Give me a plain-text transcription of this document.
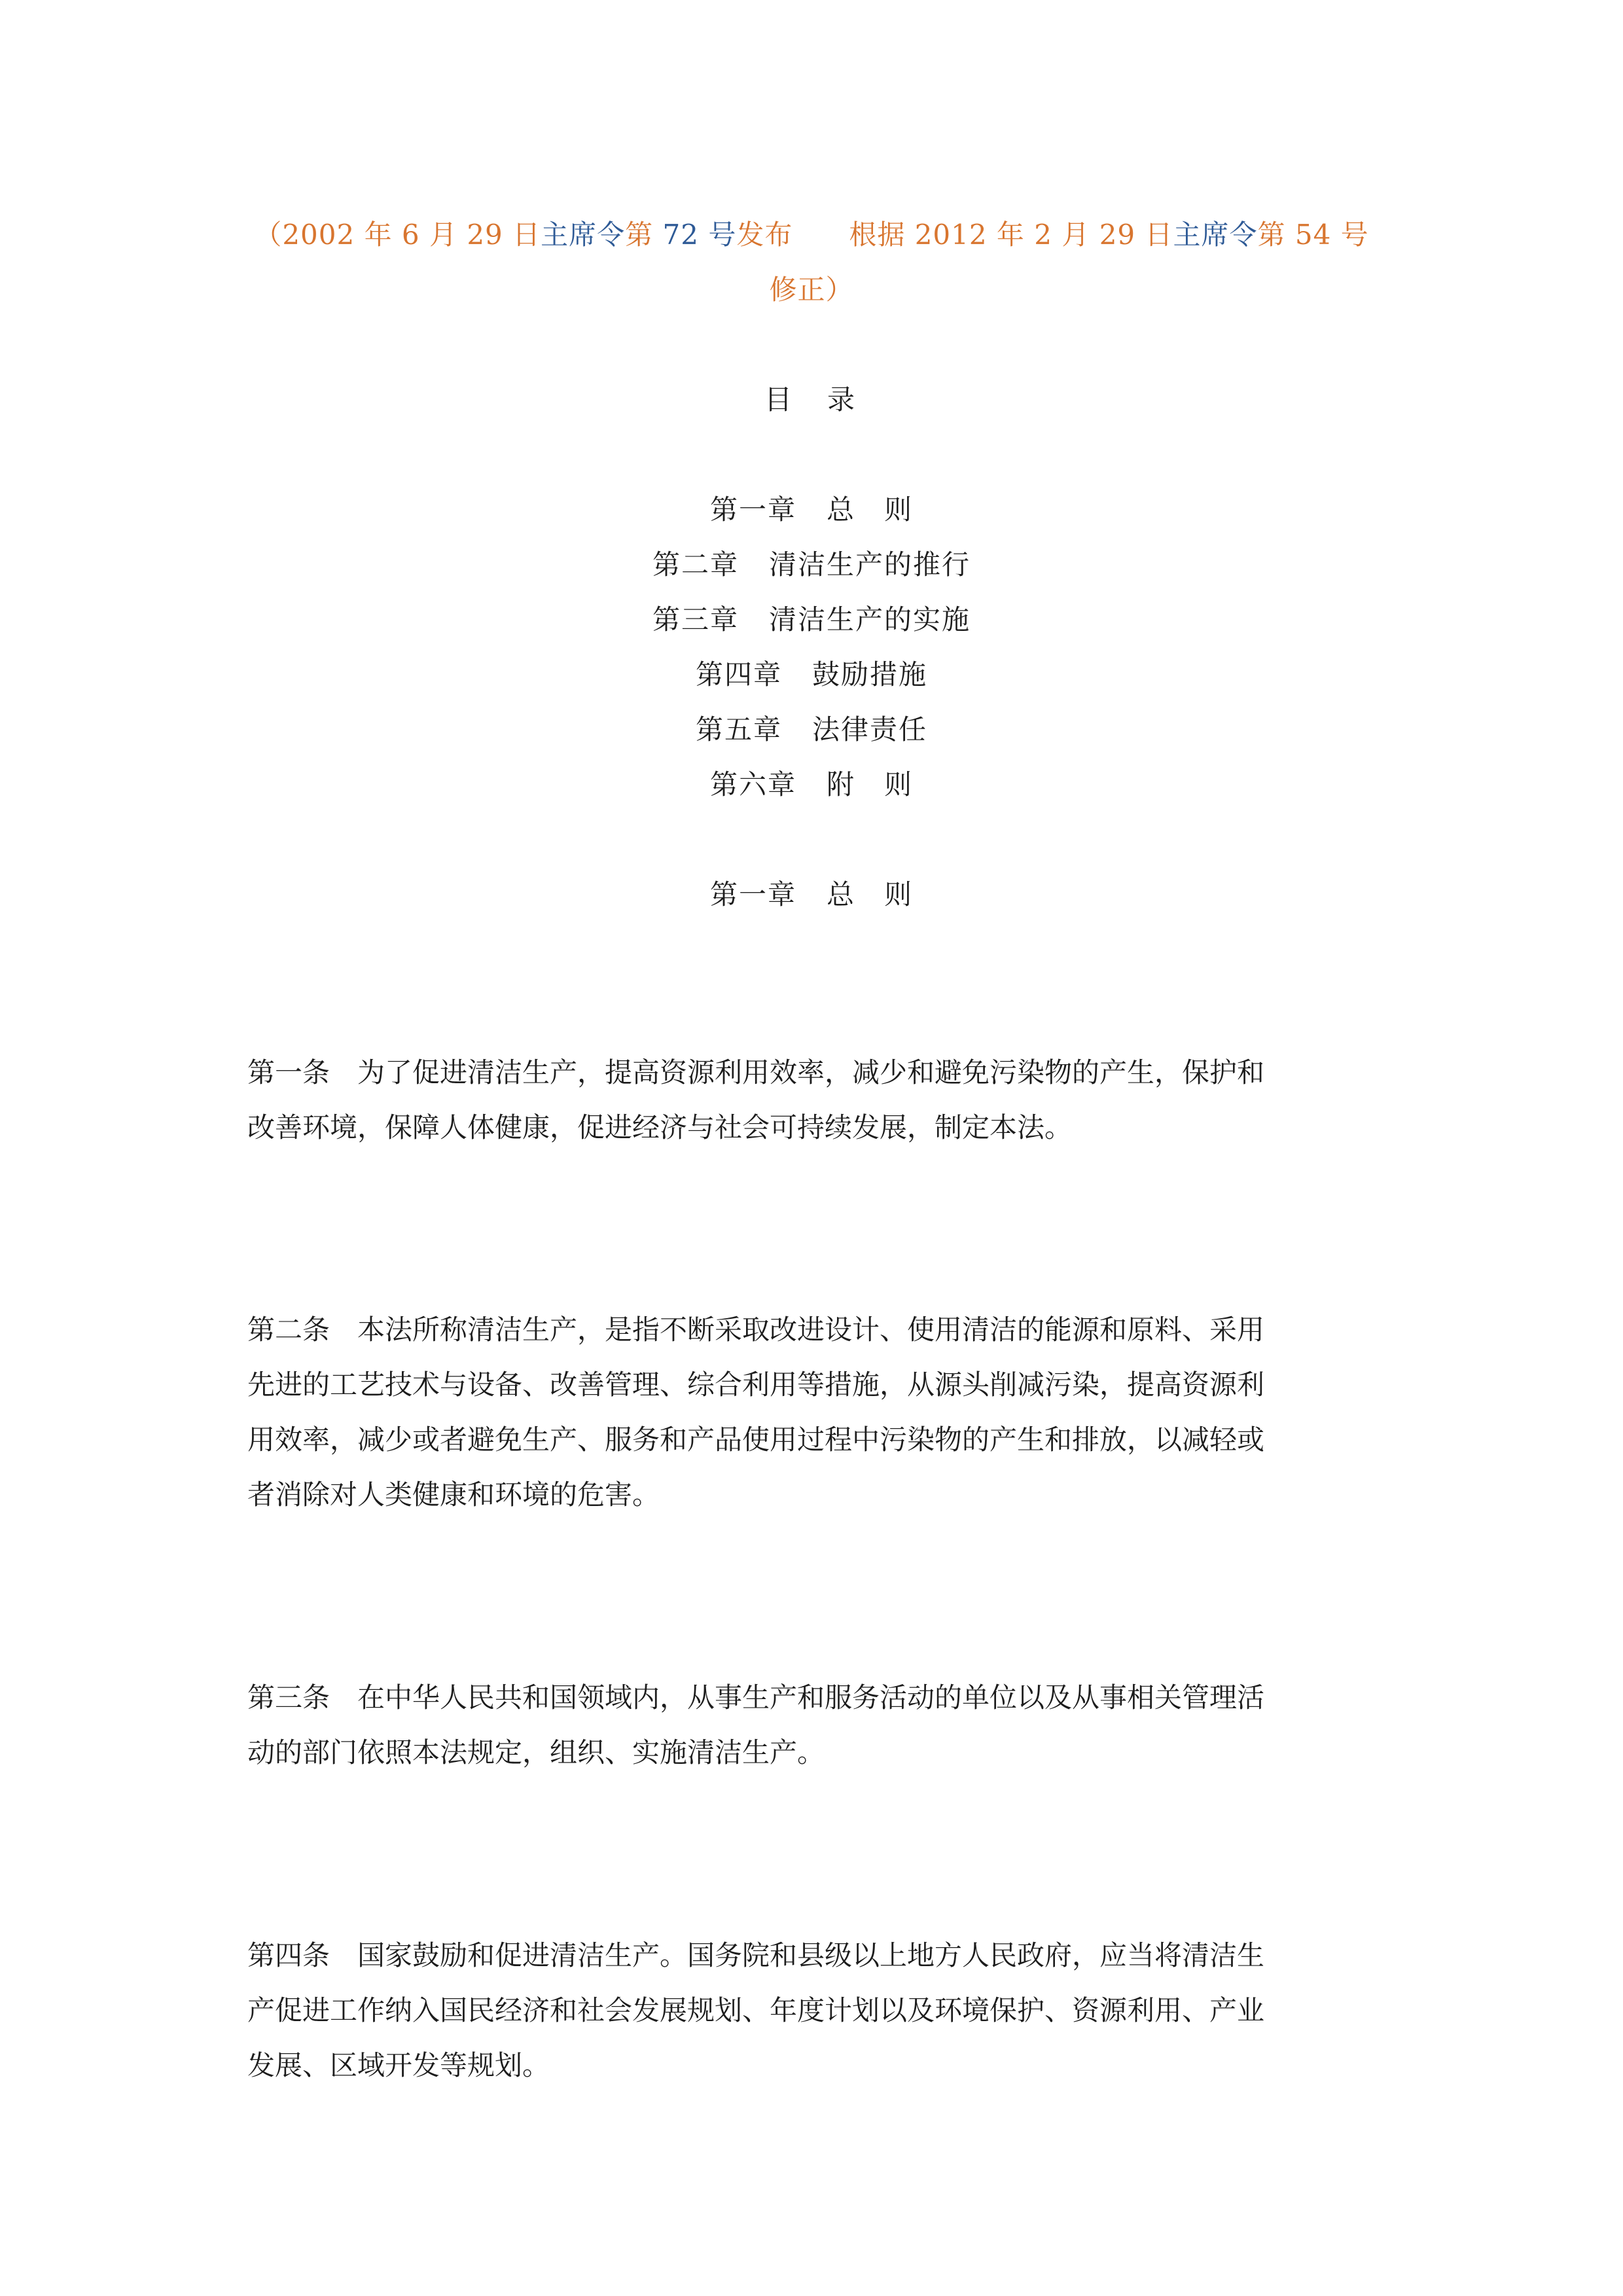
（2002 年 6 月 29 日主席令第 72 号发布　　根据 2012 年 2 月 29 日主席令第 54 号
修正）
目　录
第一章 总　则
第二章 清洁生产的推行
第三章 清洁生产的实施
第四章 鼓励措施
第五章 法律责任
第六章 附　则
第一章 总　则
第一条 为了促进清洁生产，提高资源利用效率，减少和避免污染物的产生，保护和
改善环境，保障人体健康，促进经济与社会可持续发展，制定本法。
第二条 本法所称清洁生产，是指不断采取改进设计、使用清洁的能源和原料、采用
先进的工艺技术与设备、改善管理、综合利用等措施，从源头削减污染，提高资源利
用效率，减少或者避免生产、服务和产品使用过程中污染物的产生和排放，以减轻或
者消除对人类健康和环境的危害。
第三条 在中华人民共和国领域内，从事生产和服务活动的单位以及从事相关管理活
动的部门依照本法规定，组织、实施清洁生产。
第四条 国家鼓励和促进清洁生产。国务院和县级以上地方人民政府，应当将清洁生
产促进工作纳入国民经济和社会发展规划、年度计划以及环境保护、资源利用、产业
发展、区域开发等规划。
